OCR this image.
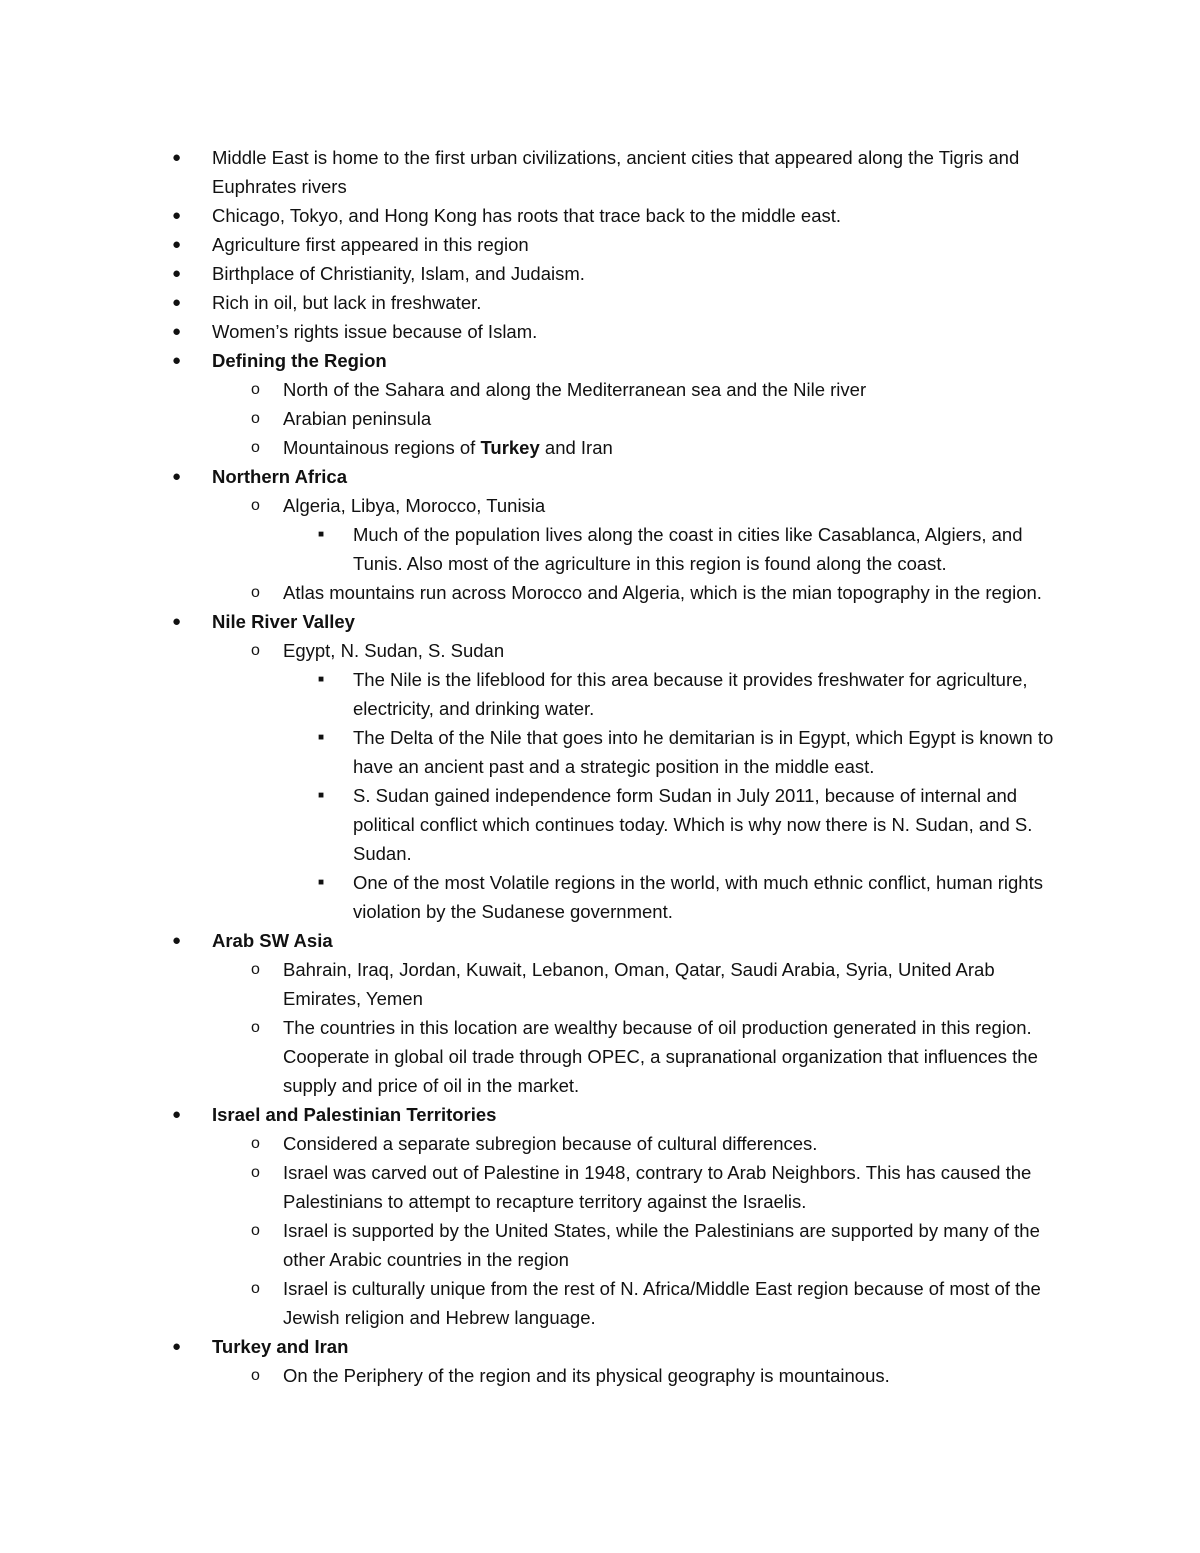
● Middle East is home to the first urban civilizations, ancient cities that appeared along the Tigris and Euphrates rivers
● Chicago, Tokyo, and Hong Kong has roots that trace back to the middle east.
● Agriculture first appeared in this region
● Birthplace of Christianity, Islam, and Judaism.
● Rich in oil, but lack in freshwater.
● Women’s rights issue because of Islam.
● Defining the Region
o North of the Sahara and along the Mediterranean sea and the Nile river
o Arabian peninsula
o Mountainous regions of Turkey and Iran
● Northern Africa
o Algeria, Libya, Morocco, Tunisia
■ Much of the population lives along the coast in cities like Casablanca, Algiers, and Tunis. Also most of the agriculture in this region is found along the coast.
o Atlas mountains run across Morocco and Algeria, which is the mian topography in the region.
● Nile River Valley
o Egypt, N. Sudan, S. Sudan
■ The Nile is the lifeblood for this area because it provides freshwater for agriculture, electricity, and drinking water.
■ The Delta of the Nile that goes into he demitarian is in Egypt, which Egypt is known to have an ancient past and a strategic position in the middle east.
■ S. Sudan gained independence form Sudan in July 2011, because of internal and political conflict which continues today. Which is why now there is N. Sudan, and S. Sudan.
■ One of the most Volatile regions in the world, with much ethnic conflict, human rights violation by the Sudanese government.
● Arab SW Asia
o Bahrain, Iraq, Jordan, Kuwait, Lebanon, Oman, Qatar, Saudi Arabia, Syria, United Arab Emirates, Yemen
o The countries in this location are wealthy because of oil production generated in this region. Cooperate in global oil trade through OPEC, a supranational organization that influences the supply and price of oil in the market.
● Israel and Palestinian Territories
o Considered a separate subregion because of cultural differences.
o Israel was carved out of Palestine in 1948, contrary to Arab Neighbors. This has caused the Palestinians to attempt to recapture territory against the Israelis.
o Israel is supported by the United States, while the Palestinians are supported by many of the other Arabic countries in the region
o Israel is culturally unique from the rest of N. Africa/Middle East region because of most of the Jewish religion and Hebrew language.
● Turkey and Iran
o On the Periphery of the region and its physical geography is mountainous.
